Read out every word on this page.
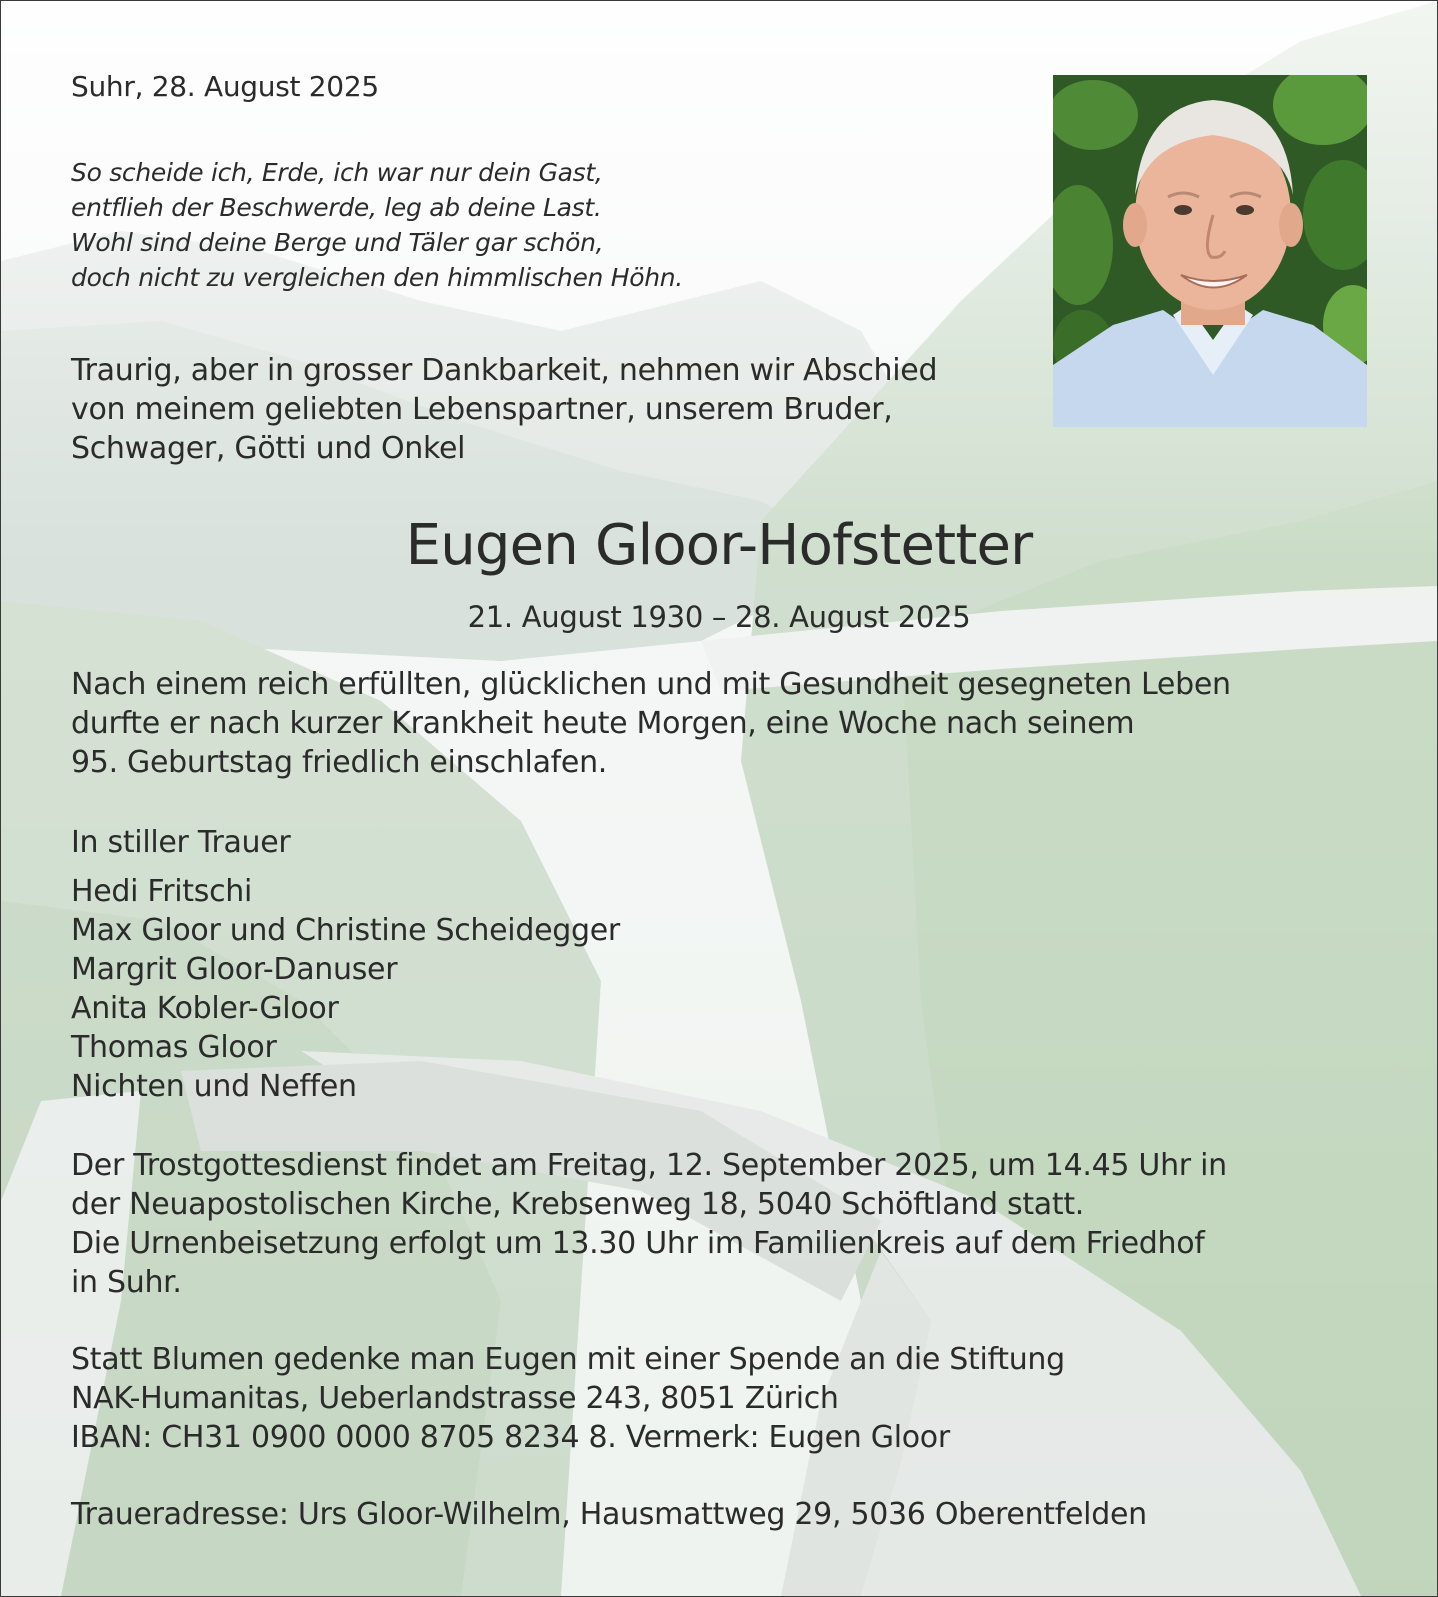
Suhr, 28. August 2025
So scheide ich, Erde, ich war nur dein Gast,
entflieh der Beschwerde, leg ab deine Last.
Wohl sind deine Berge und Täler gar schön,
doch nicht zu vergleichen den himmlischen Höhn.
Traurig, aber in grosser Dankbarkeit, nehmen wir Abschied
von meinem geliebten Lebenspartner, unserem Bruder,
Schwager, Götti und Onkel
Eugen Gloor-Hofstetter
21. August 1930 – 28. August 2025
Nach einem reich erfüllten, glücklichen und mit Gesundheit gesegneten Leben
durfte er nach kurzer Krankheit heute Morgen, eine Woche nach seinem
95. Geburtstag friedlich einschlafen.
In stiller Trauer
Hedi Fritschi
Max Gloor und Christine Scheidegger
Margrit Gloor-Danuser
Anita Kobler-Gloor
Thomas Gloor
Nichten und Neffen
Der Trostgottesdienst findet am Freitag, 12. September 2025, um 14.45 Uhr in
der Neuapostolischen Kirche, Krebsenweg 18, 5040 Schöftland statt.
Die Urnenbeisetzung erfolgt um 13.30 Uhr im Familienkreis auf dem Friedhof
in Suhr.
Statt Blumen gedenke man Eugen mit einer Spende an die Stiftung
NAK-Humanitas, Ueberlandstrasse 243, 8051 Zürich
IBAN: CH31 0900 0000 8705 8234 8. Vermerk: Eugen Gloor
Traueradresse: Urs Gloor-Wilhelm, Hausmattweg 29, 5036 Oberentfelden
